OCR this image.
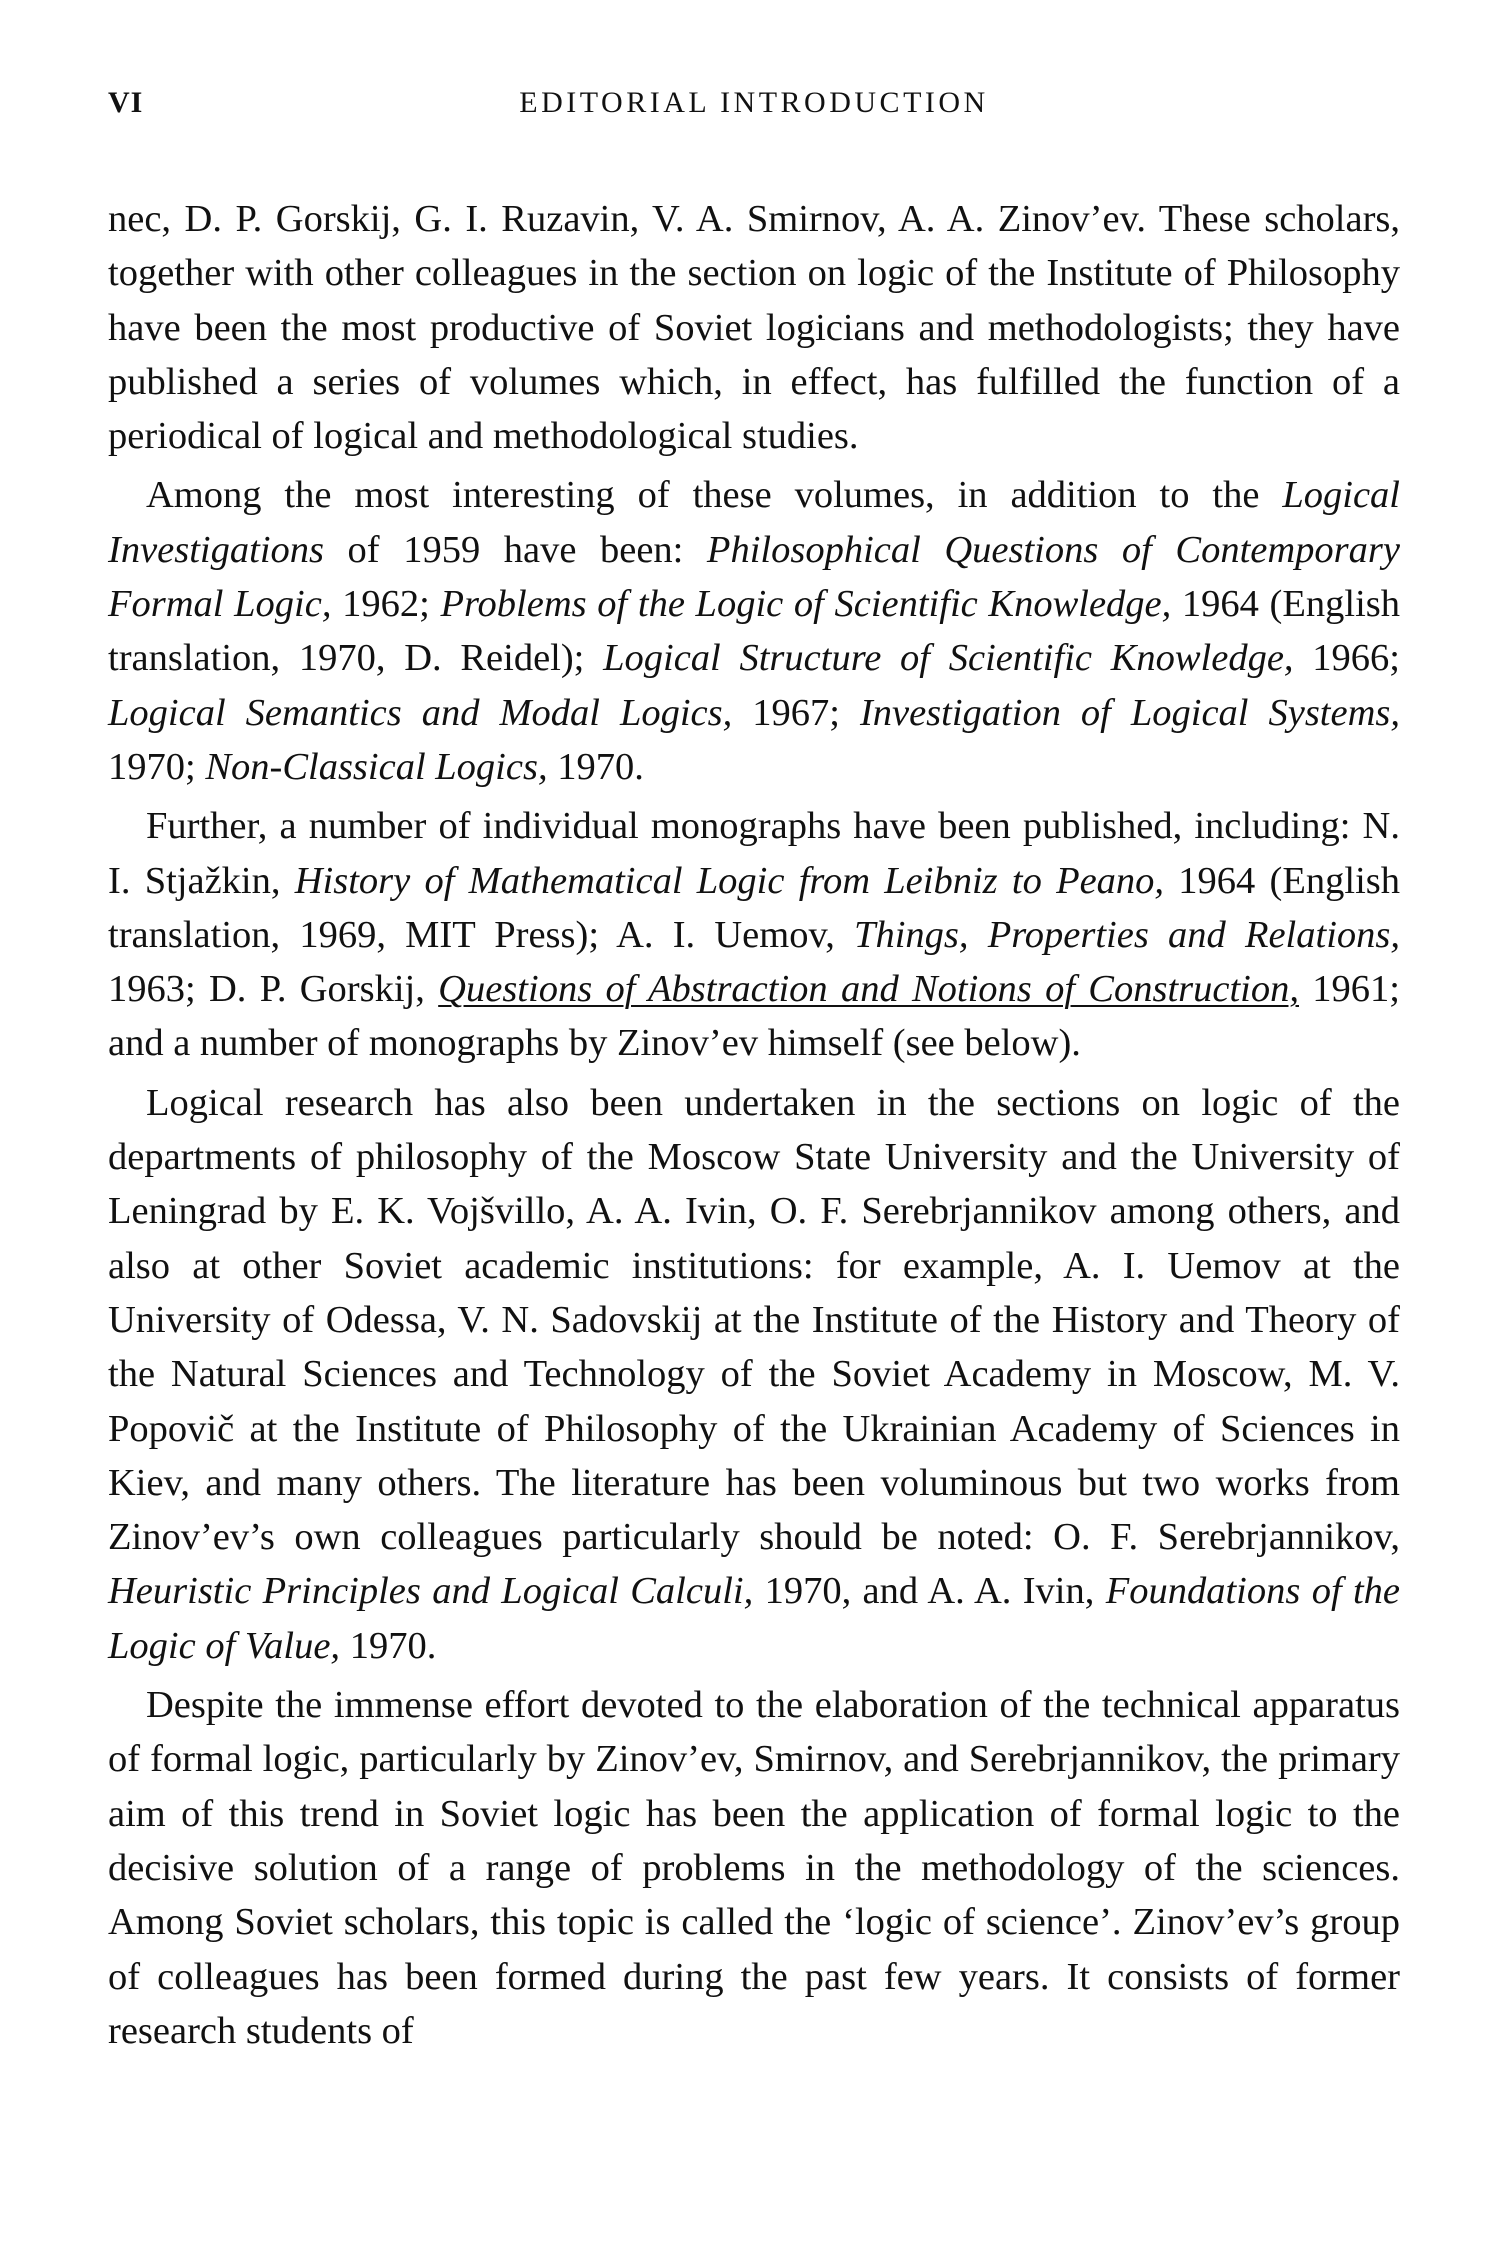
VI	EDITORIAL INTRODUCTION

nec, D. P. Gorskij, G. I. Ruzavin, V. A. Smirnov, A. A. Zinov’ev. These scholars, together with other colleagues in the section on logic of the Institute of Philosophy have been the most productive of Soviet logicians and methodologists; they have published a series of volumes which, in effect, has fulfilled the function of a periodical of logical and methodological studies.

Among the most interesting of these volumes, in addition to the Logical Investigations of 1959 have been: Philosophical Questions of Contemporary Formal Logic, 1962; Problems of the Logic of Scientific Knowledge, 1964 (English translation, 1970, D. Reidel); Logical Structure of Scientific Knowledge, 1966; Logical Semantics and Modal Logics, 1967; Investigation of Logical Systems, 1970; Non-Classical Logics, 1970.

Further, a number of individual monographs have been published, including: N. I. Stjažkin, History of Mathematical Logic from Leibniz to Peano, 1964 (English translation, 1969, MIT Press); A. I. Uemov, Things, Properties and Relations, 1963; D. P. Gorskij, Questions of Abstraction and Notions of Construction, 1961; and a number of monographs by Zinov’ev himself (see below).

Logical research has also been undertaken in the sections on logic of the departments of philosophy of the Moscow State University and the University of Leningrad by E. K. Vojšvillo, A. A. Ivin, O. F. Serebrjannikov among others, and also at other Soviet academic institutions: for example, A. I. Uemov at the University of Odessa, V. N. Sadovskij at the Institute of the History and Theory of the Natural Sciences and Technology of the Soviet Academy in Moscow, M. V. Popovič at the Institute of Philosophy of the Ukrainian Academy of Sciences in Kiev, and many others. The literature has been voluminous but two works from Zinov’ev’s own colleagues particularly should be noted: O. F. Serebrjannikov, Heuristic Principles and Logical Calculi, 1970, and A. A. Ivin, Foundations of the Logic of Value, 1970.

Despite the immense effort devoted to the elaboration of the technical apparatus of formal logic, particularly by Zinov’ev, Smirnov, and Serebrjannikov, the primary aim of this trend in Soviet logic has been the application of formal logic to the decisive solution of a range of problems in the methodology of the sciences. Among Soviet scholars, this topic is called the ‘logic of science’. Zinov’ev’s group of colleagues has been formed during the past few years. It consists of former research students of
